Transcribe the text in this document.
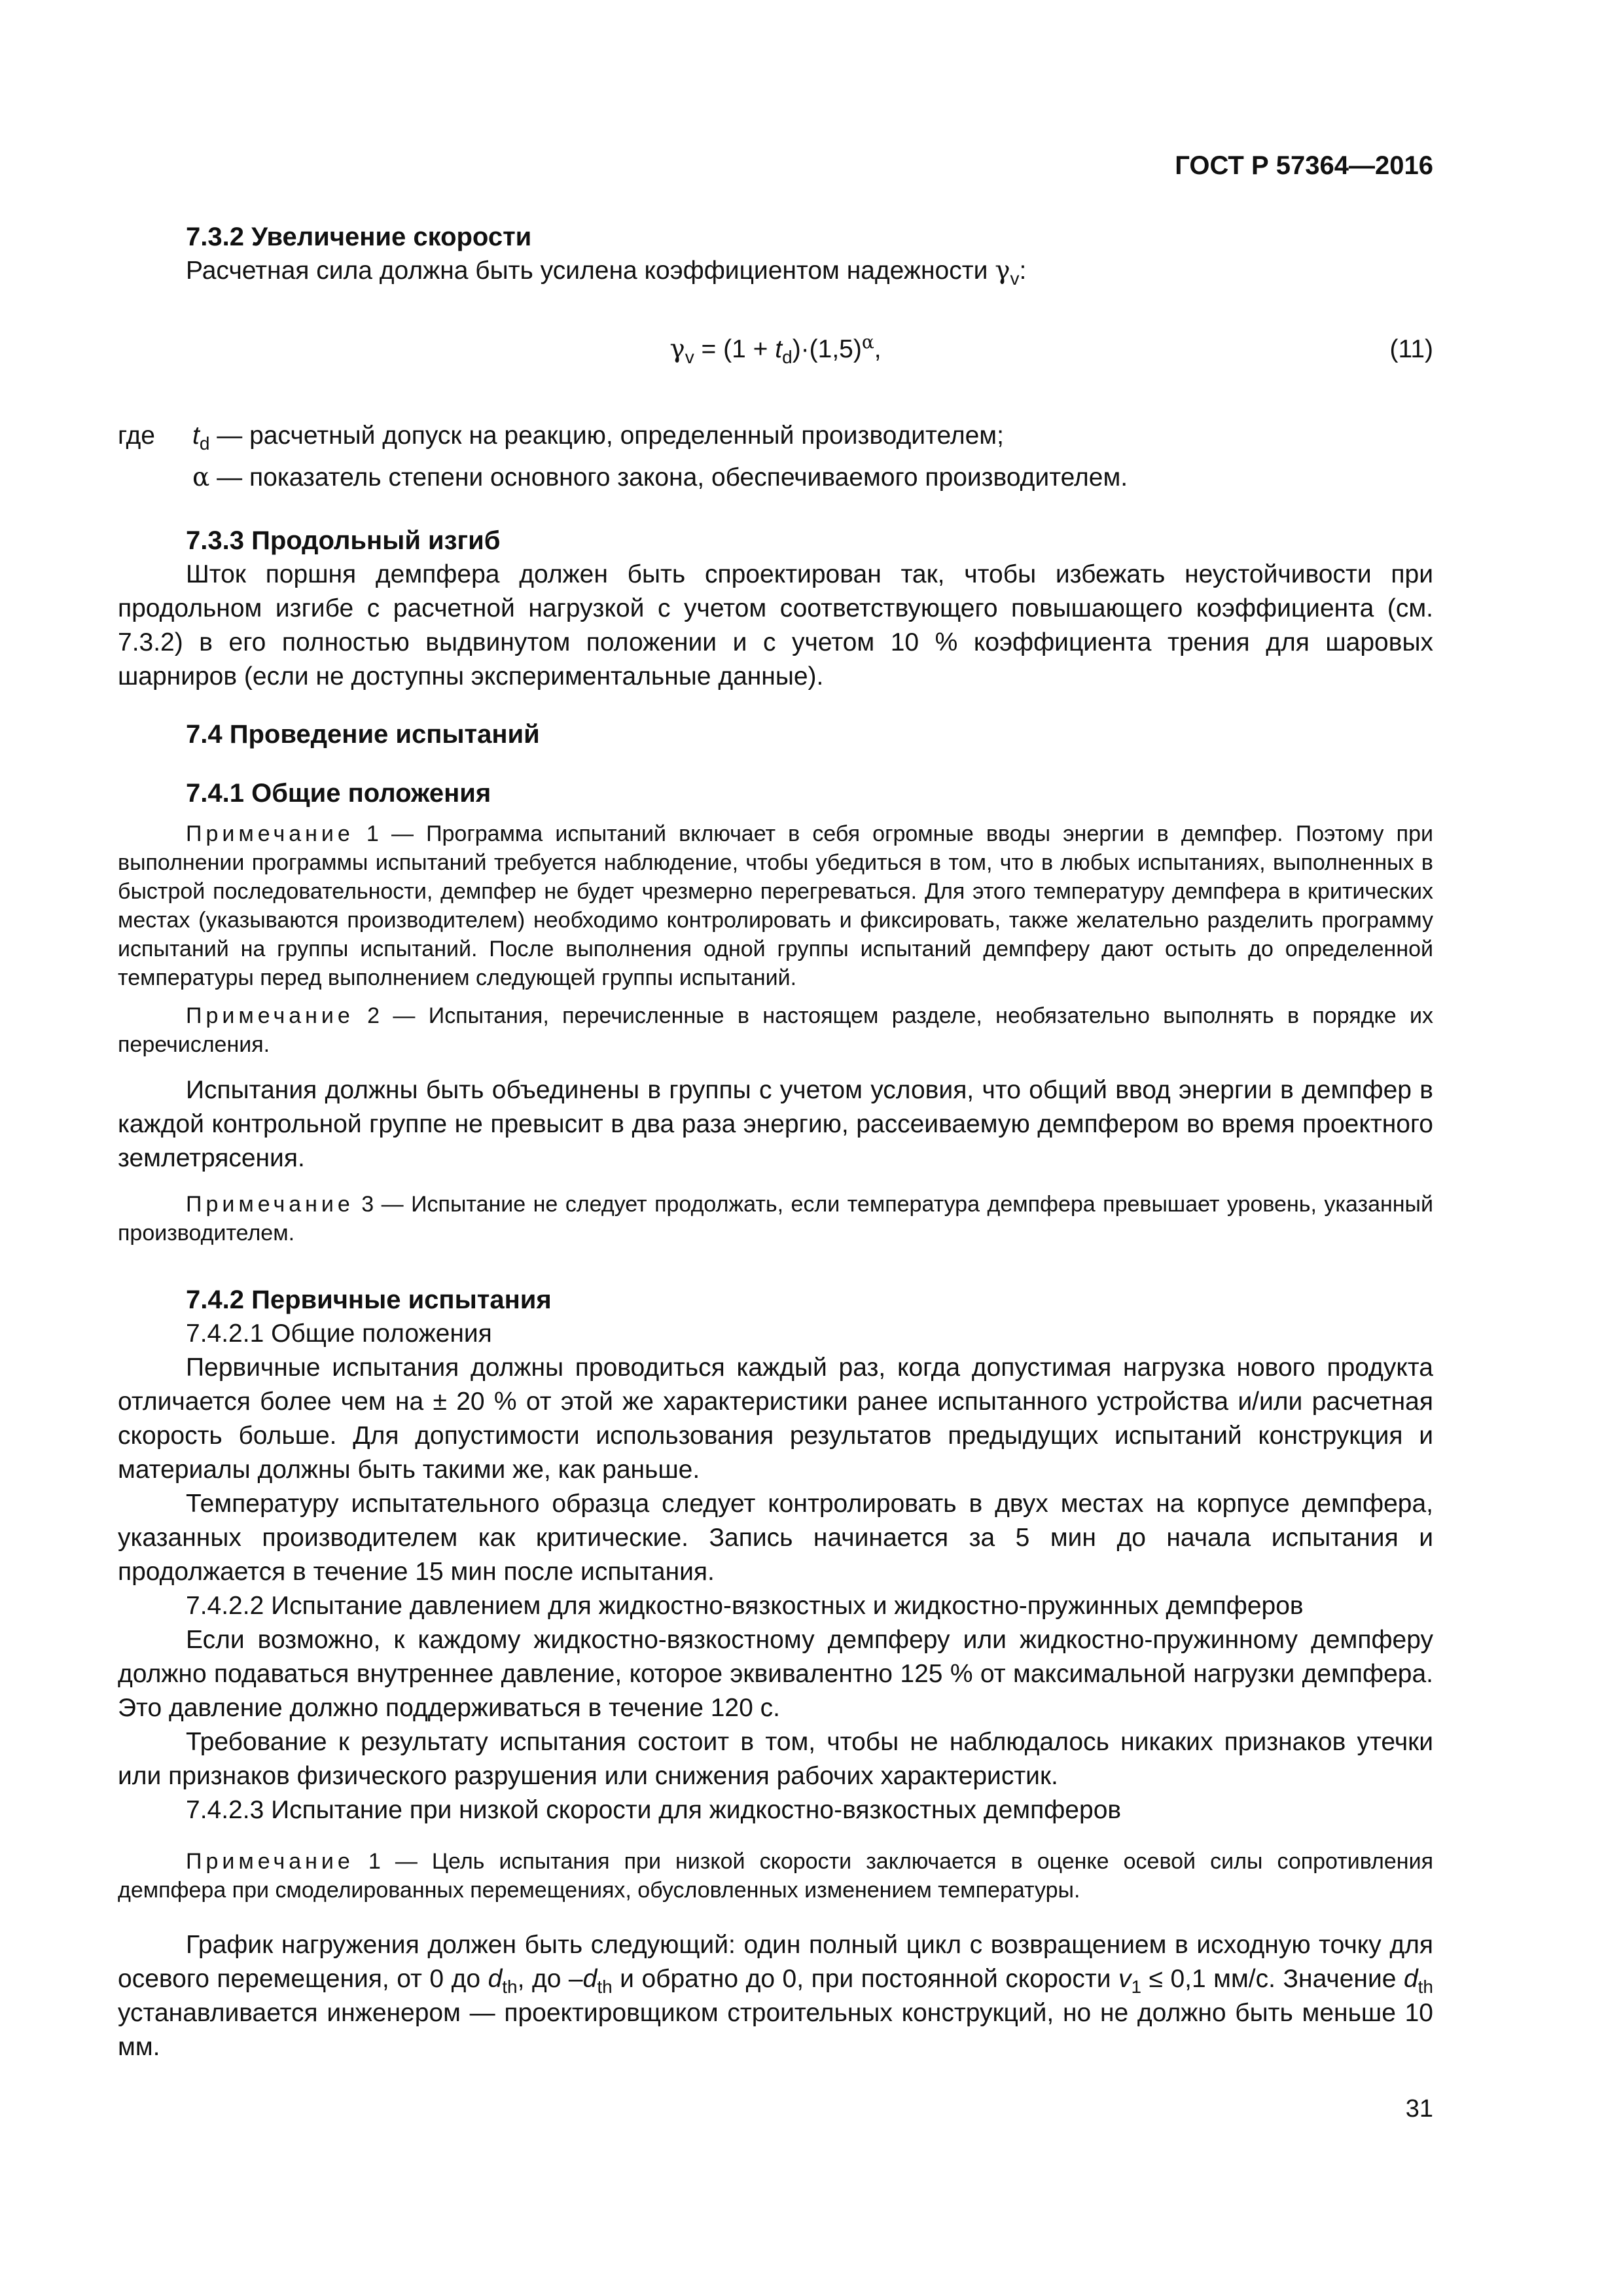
ГОСТ Р 57364—2016
7.3.2 Увеличение скорости
Расчетная сила должна быть усилена коэффициентом надежности $\gamma_v$:
$\gamma_v = (1 + t_d)\cdot(1,5)^\alpha$,	(11)
где	$t_d$ — расчетный допуск на реакцию, определенный производителем;
	α — показатель степени основного закона, обеспечиваемого производителем.
7.3.3 Продольный изгиб
Шток поршня демпфера должен быть спроектирован так, чтобы избежать неустойчивости при продольном изгибе с расчетной нагрузкой с учетом соответствующего повышающего коэффициента (см. 7.3.2) в его полностью выдвинутом положении и с учетом 10 % коэффициента трения для шаровых шарниров (если не доступны экспериментальные данные).
7.4 Проведение испытаний
7.4.1 Общие положения
Примечание 1 — Программа испытаний включает в себя огромные вводы энергии в демпфер. Поэтому при выполнении программы испытаний требуется наблюдение, чтобы убедиться в том, что в любых испытаниях, выполненных в быстрой последовательности, демпфер не будет чрезмерно перегреваться. Для этого температуру демпфера в критических местах (указываются производителем) необходимо контролировать и фиксировать, также желательно разделить программу испытаний на группы испытаний. После выполнения одной группы испытаний демпферу дают остыть до определенной температуры перед выполнением следующей группы испытаний.
Примечание 2 — Испытания, перечисленные в настоящем разделе, необязательно выполнять в порядке их перечисления.
Испытания должны быть объединены в группы с учетом условия, что общий ввод энергии в демпфер в каждой контрольной группе не превысит в два раза энергию, рассеиваемую демпфером во время проектного землетрясения.
Примечание 3 — Испытание не следует продолжать, если температура демпфера превышает уровень, указанный производителем.
7.4.2 Первичные испытания
7.4.2.1 Общие положения
Первичные испытания должны проводиться каждый раз, когда допустимая нагрузка нового продукта отличается более чем на ± 20 % от этой же характеристики ранее испытанного устройства и/или расчетная скорость больше. Для допустимости использования результатов предыдущих испытаний конструкция и материалы должны быть такими же, как раньше.
Температуру испытательного образца следует контролировать в двух местах на корпусе демпфера, указанных производителем как критические. Запись начинается за 5 мин до начала испытания и продолжается в течение 15 мин после испытания.
7.4.2.2 Испытание давлением для жидкостно-вязкостных и жидкостно-пружинных демпферов
Если возможно, к каждому жидкостно-вязкостному демпферу или жидкостно-пружинному демпферу должно подаваться внутреннее давление, которое эквивалентно 125 % от максимальной нагрузки демпфера. Это давление должно поддерживаться в течение 120 с.
Требование к результату испытания состоит в том, чтобы не наблюдалось никаких признаков утечки или признаков физического разрушения или снижения рабочих характеристик.
7.4.2.3 Испытание при низкой скорости для жидкостно-вязкостных демпферов
Примечание 1 — Цель испытания при низкой скорости заключается в оценке осевой силы сопротивления демпфера при смоделированных перемещениях, обусловленных изменением температуры.
График нагружения должен быть следующий: один полный цикл с возвращением в исходную точку для осевого перемещения, от 0 до $d_{th}$, до $-d_{th}$ и обратно до 0, при постоянной скорости $v_1 \le 0,1$ мм/с. Значение $d_{th}$ устанавливается инженером — проектировщиком строительных конструкций, но не должно быть меньше 10 мм.
31
